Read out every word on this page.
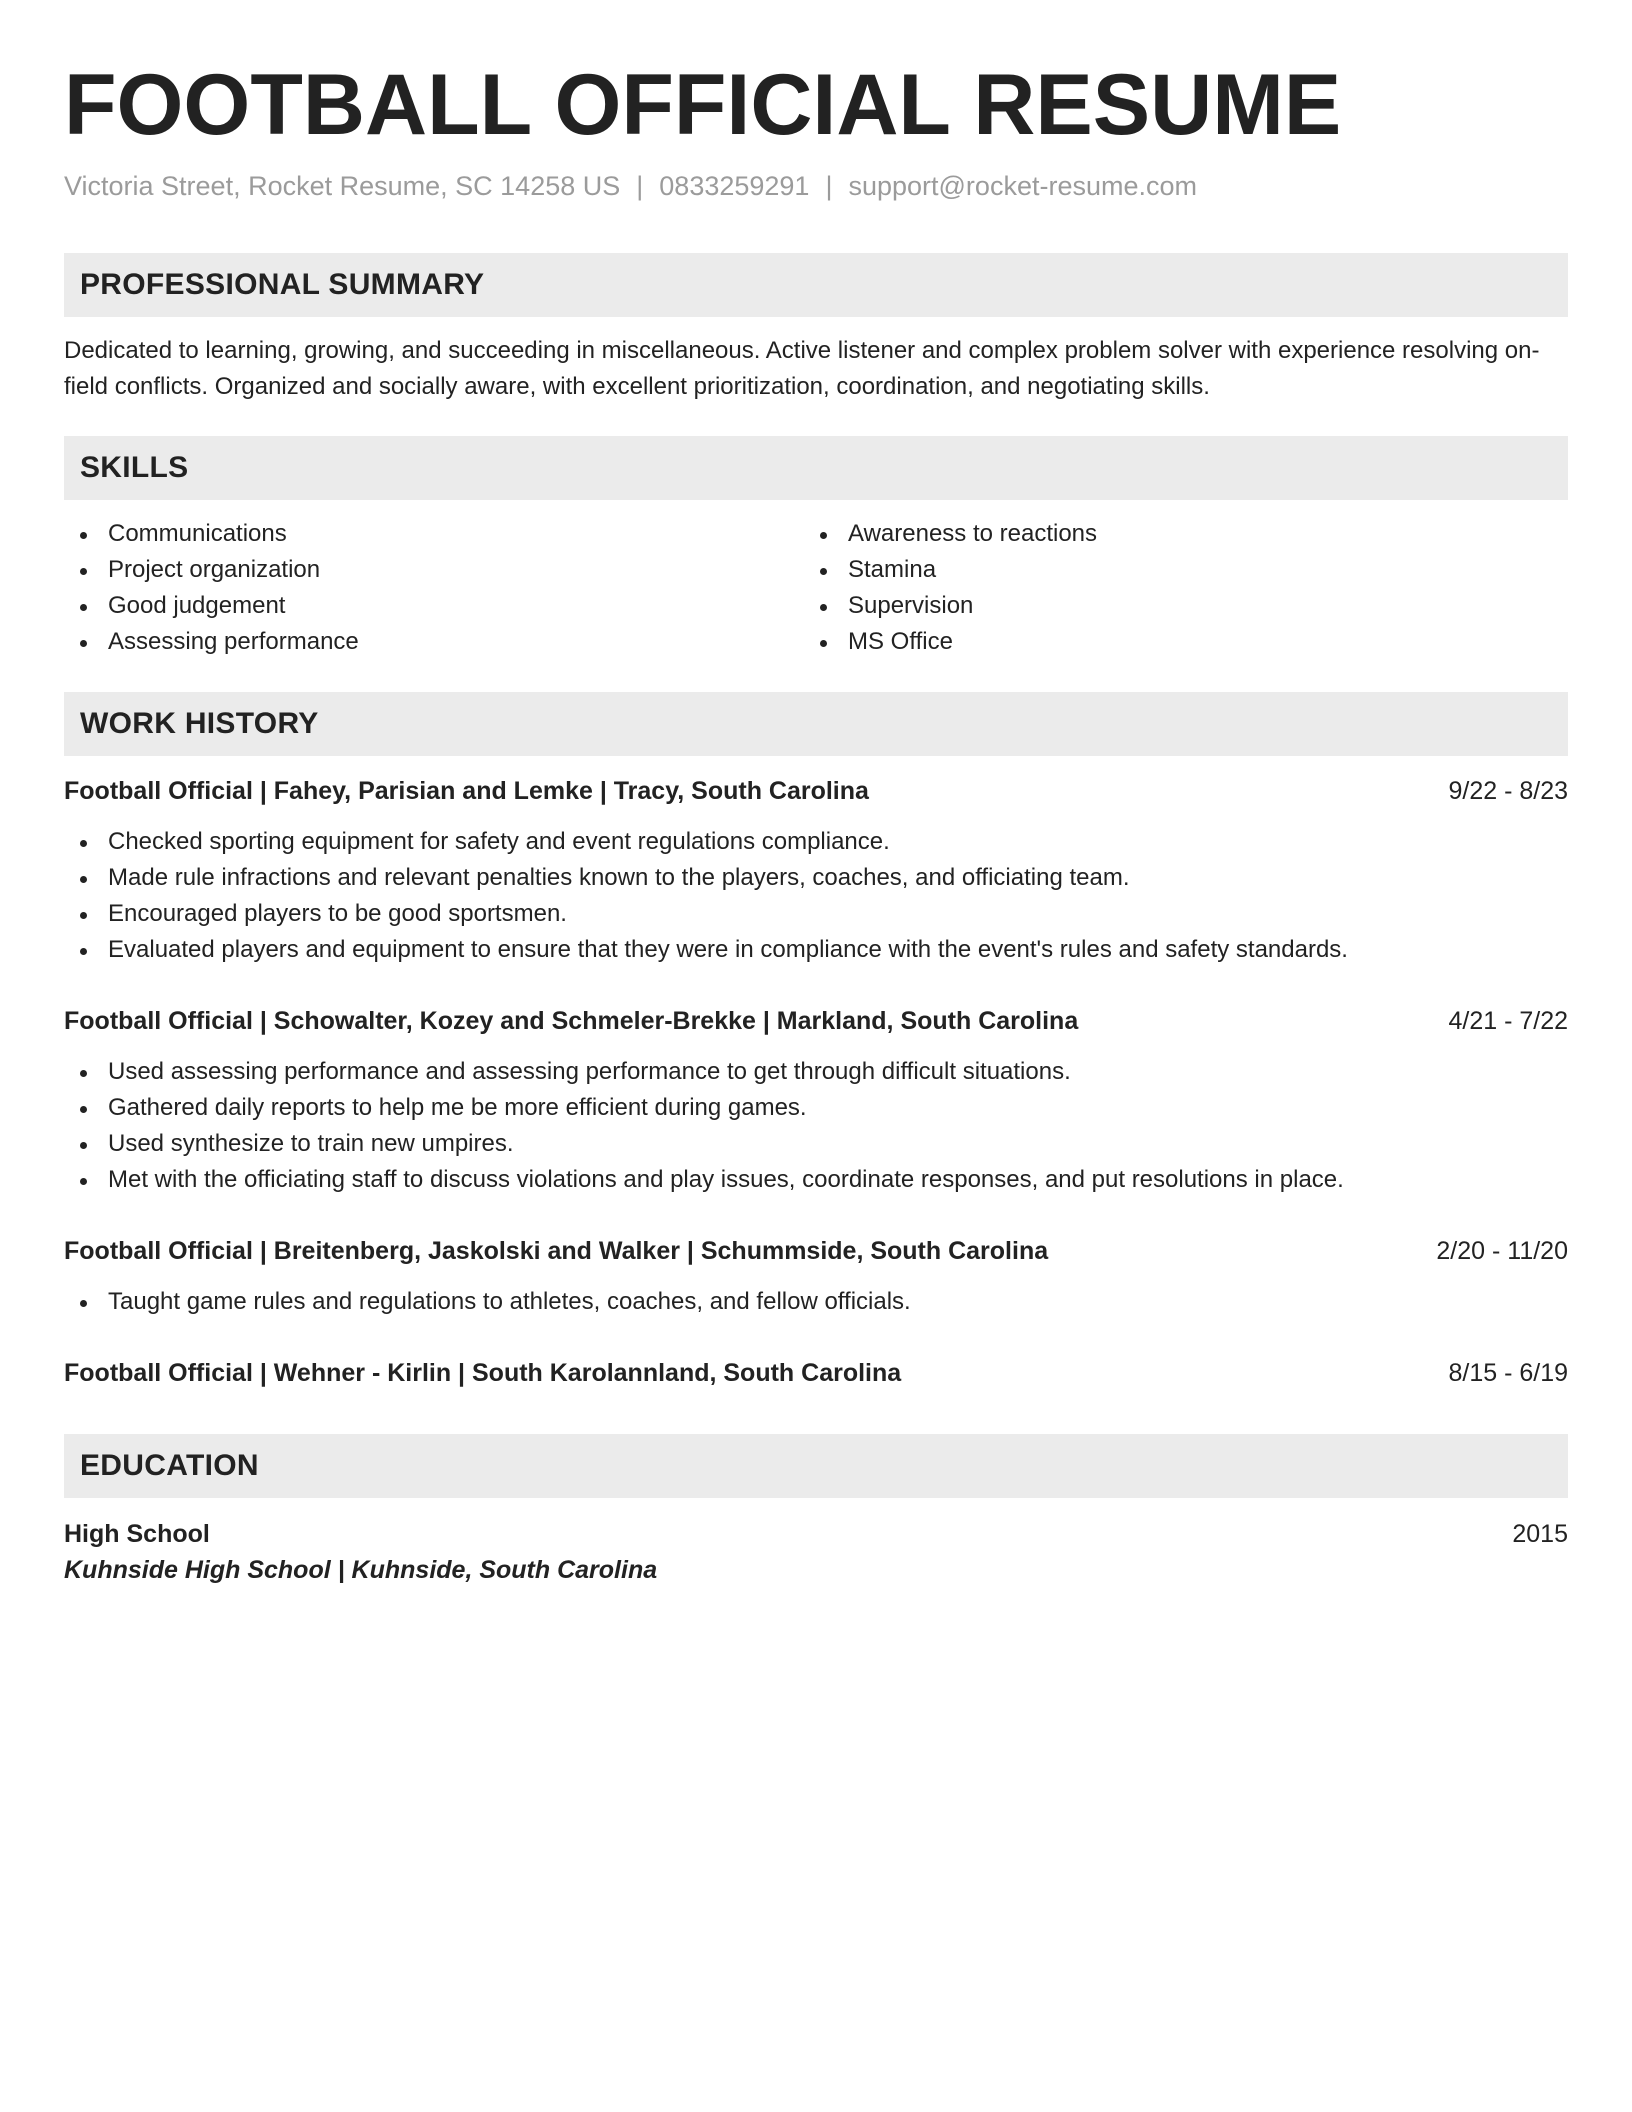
FOOTBALL OFFICIAL RESUME
Victoria Street, Rocket Resume, SC 14258 US | 0833259291 | support@rocket-resume.com
PROFESSIONAL SUMMARY

Dedicated to learning, growing, and succeeding in miscellaneous. Active listener and complex problem solver with experience resolving on-field conflicts. Organized and socially aware, with excellent prioritization, coordination, and negotiating skills.

SKILLS
Communications
Project organization
Good judgement
Assessing performance
Awareness to reactions
Stamina
Supervision
MS Office
WORK HISTORY
Football Official | Fahey, Parisian and Lemke | Tracy, South Carolina	9/22 - 8/23
Checked sporting equipment for safety and event regulations compliance.
Made rule infractions and relevant penalties known to the players, coaches, and officiating team.
Encouraged players to be good sportsmen.
Evaluated players and equipment to ensure that they were in compliance with the event's rules and safety standards.
Football Official | Schowalter, Kozey and Schmeler-Brekke | Markland, South Carolina	4/21 - 7/22
Used assessing performance and assessing performance to get through difficult situations.
Gathered daily reports to help me be more efficient during games.
Used synthesize to train new umpires.
Met with the officiating staff to discuss violations and play issues, coordinate responses, and put resolutions in place.
Football Official | Breitenberg, Jaskolski and Walker | Schummside, South Carolina	2/20 - 11/20
Taught game rules and regulations to athletes, coaches, and fellow officials.
Football Official | Wehner - Kirlin | South Karolannland, South Carolina	8/15 - 6/19
EDUCATION
High School	2015
Kuhnside High School | Kuhnside, South Carolina
